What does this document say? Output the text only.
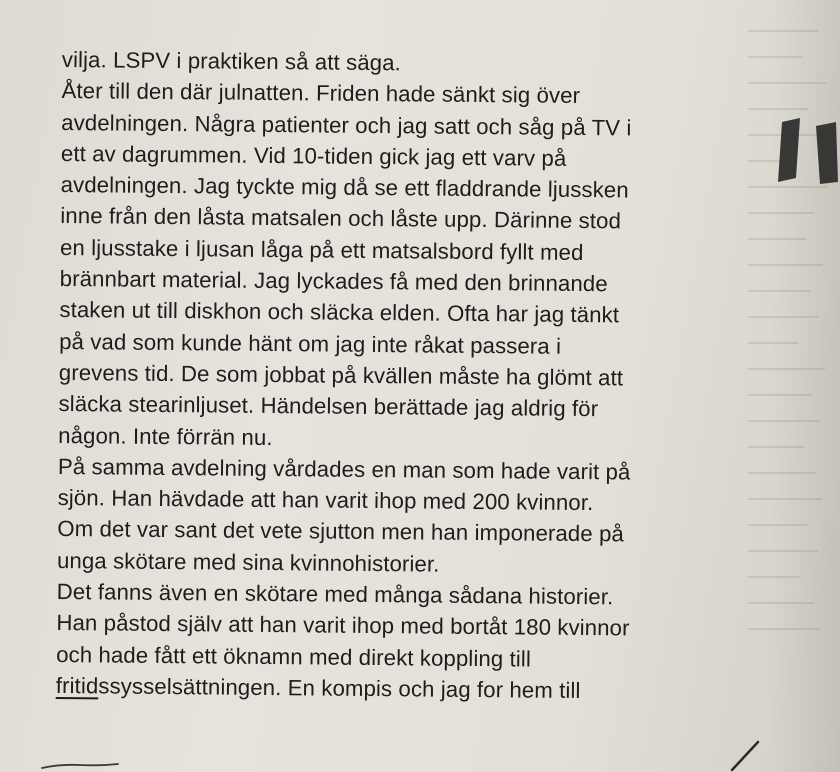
vilja. LSPV i praktiken så att säga.
Åter till den där julnatten. Friden hade sänkt sig över
avdelningen. Några patienter och jag satt och såg på TV i
ett av dagrummen. Vid 10-tiden gick jag ett varv på
avdelningen. Jag tyckte mig då se ett fladdrande ljusskеn
inne från den låsta matsalen och låste upp. Därinne stod
en ljusstake i ljusan låga på ett matsalsbord fyllt med
brännbart material. Jag lyckades få med den brinnande
staken ut till diskhon och släcka elden. Ofta har jag tänkt
på vad som kunde hänt om jag inte råkat passera i
grevens tid. De som jobbat på kvällen måste ha glömt att
släcka stearinljuset. Händelsen berättade jag aldrig för
någon. Inte förrän nu.
På samma avdelning vårdades en man som hade varit på
sjön. Han hävdade att han varit ihop med 200 kvinnor.
Om det var sant det vete sjutton men han imponerade på
unga skötare med sina kvinnohistorier.
Det fanns även en skötare med många sådana historier.
Han påstod själv att han varit ihop med bortåt 180 kvinnor
och hade fått ett öknamn med direkt koppling till
fritidssysselsättningen. En kompis och jag for hem till
